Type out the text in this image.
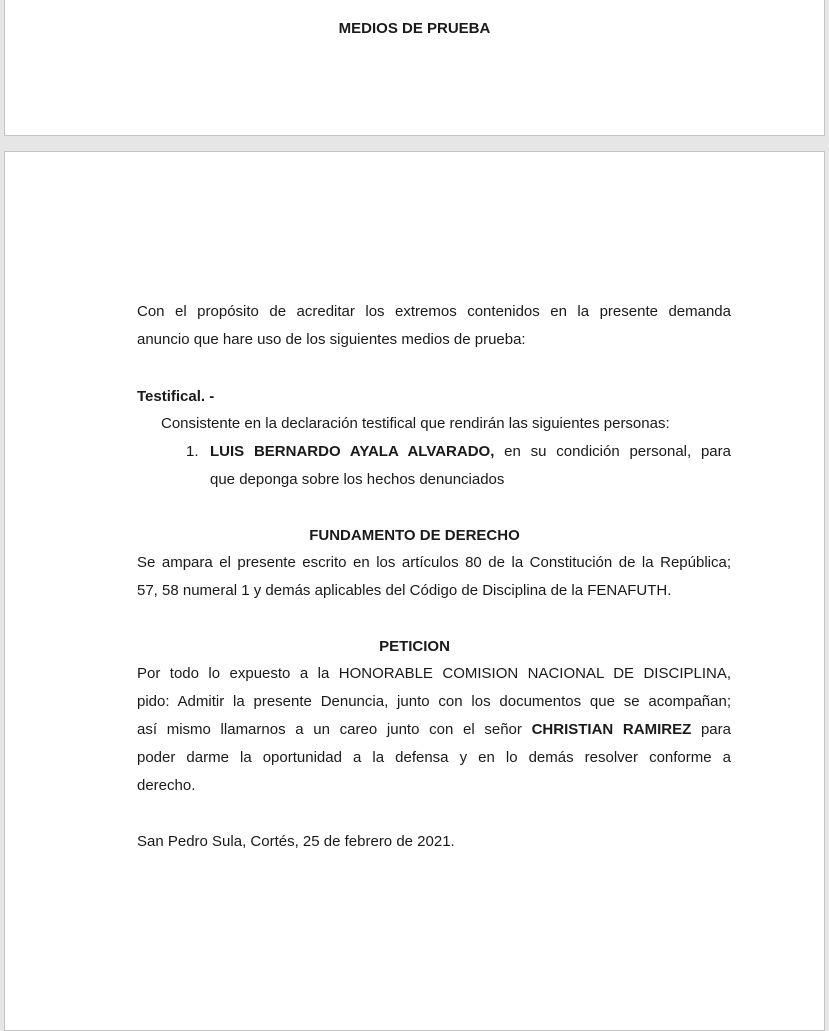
MEDIOS DE PRUEBA
Con el propósito de acreditar los extremos contenidos en la presente demanda
anuncio que hare uso de los siguientes medios de prueba:
Testifical. -
Consistente en la declaración testifical que rendirán las siguientes personas:
1. LUIS BERNARDO AYALA ALVARADO, en su condición personal, para
que deponga sobre los hechos denunciados
FUNDAMENTO DE DERECHO
Se ampara el presente escrito en los artículos 80 de la Constitución de la República;
57, 58 numeral 1 y demás aplicables del Código de Disciplina de la FENAFUTH.
PETICION
Por todo lo expuesto a la HONORABLE COMISION NACIONAL DE DISCIPLINA,
pido: Admitir la presente Denuncia, junto con los documentos que se acompañan;
así mismo llamarnos a un careo junto con el señor CHRISTIAN RAMIREZ para
poder darme la oportunidad a la defensa y en lo demás resolver conforme a
derecho.
San Pedro Sula, Cortés, 25 de febrero de 2021.
